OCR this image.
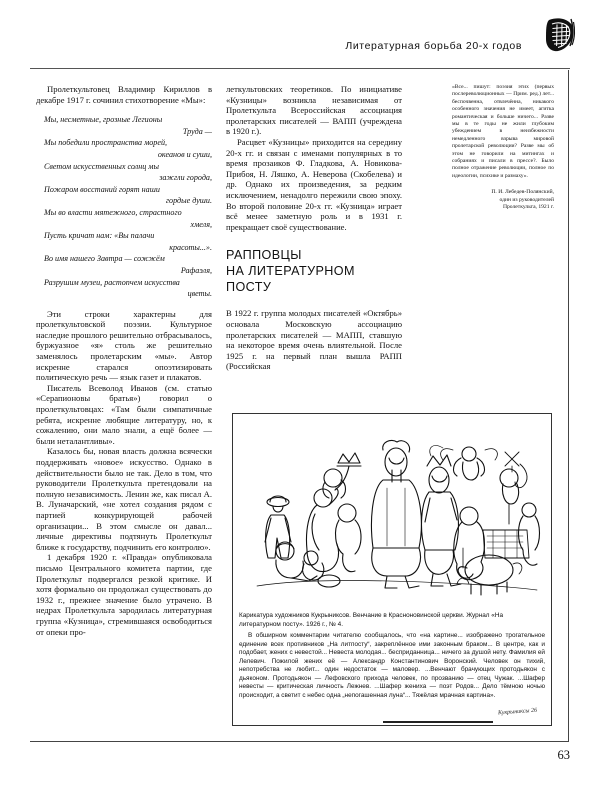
Литературная борьба 20-х годов

Пролеткультовец Владимир Кириллов в декабре 1917 г. сочинил стихотворение «Мы»:

Мы, несметные, грозные Легионы
Труда —
Мы победили пространства морей,
океанов и суши,
Светом искусственных солнц мы
зажгли города,
Пожаром восстаний горят наши
гордые души.
Мы во власти мятежного, страстного
хмеля,
Пусть кричат нам: «Вы палачи
красоты...».
Во имя нашего Завтра — сожжём
Рафаэля,
Разрушим музеи, растопчем искусства
цветы.

Эти строки характерны для пролеткультовской поэзии. Культурное наследие прошлого решительно отбрасывалось, буржуазное «я» столь же решительно заменялось пролетарским «мы». Автор искренне старался опоэтизировать политическую речь — язык газет и плакатов.

Писатель Всеволод Иванов (см. статью «Серапионовы братья») говорил о пролеткультовцах: «Там были симпатичные ребята, искренне любящие литературу, но, к сожалению, они мало знали, а ещё более — были неталантливы».

Казалось бы, новая власть должна всячески поддерживать «новое» искусство. Однако в действительности было не так. Дело в том, что руководители Пролеткульта претендовали на полную независимость. Ленин же, как писал А. В. Луначарский, «не хотел создания рядом с партией конкурирующей рабочей организации... В этом смысле он давал... личные директивы подтянуть Пролеткульт ближе к государству, подчинить его контролю».

1 декабря 1920 г. «Правда» опубликовала письмо Центрального комитета партии, где Пролеткульт подвергался резкой критике. И хотя формально он продолжал существовать до 1932 г., прежнее значение было утрачено. В недрах Пролеткульта зародилась литературная группа «Кузница», стремившаяся освободиться от опеки про-

леткультовских теоретиков. По инициативе «Кузницы» возникла независимая от Пролеткульта Всероссийская ассоциация пролетарских писателей — ВАПП (учреждена в 1920 г.).

Расцвет «Кузницы» приходится на середину 20-х гг. и связан с именами популярных в то время прозаиков Ф. Гладкова, А. Новикова-Прибоя, Н. Ляшко, А. Неверова (Скобелева) и др. Однако их произведения, за редким исключением, ненадолго пережили свою эпоху. Во второй половине 20-х гг. «Кузница» играет всё менее заметную роль и в 1931 г. прекращает своё существование.

РАППОВЦЫ
НА ЛИТЕРАТУРНОМ ПОСТУ

В 1922 г. группа молодых писателей «Октябрь» основала Московскую ассоциацию пролетарских писателей — МАПП, ставшую на некоторое время очень влиятельной. После 1925 г. на первый план вышла РАПП (Российская

«Все... пишут: поэзия этих (первых послереволюционных — Прим. ред.) лет... беспочвенна, отвлечённа, никакого особенного значения не имеет, агитка романтическая и больше ничего... Разве мы в те годы не жили глубоким убеждением в неизбежности немедленного взрыва мировой пролетарской революции? Разве мы об этом не говорили на митингах и собраниях и писали в прессе?. Было полное отражение революции, полное по идеологии, психике и размаху».

П. И. Лебедев-Полянский,
один из руководителей
Пролеткульта, 1921 г.
Кукрыниксы 26

Карикатура художников Кукрыниксов. Венчание в Красноновинской церкви. Журнал «На литературном посту». 1926 г., № 4.

В обширном комментарии читателю сообщалось, что «на картине... изображено трогательное единение всех противников „На литпосту“, закреплённое ими законным браком... В центре, как и подобает, жених с невестой... Невеста молодая... бесприданница... ничего за душой нету. Фамилия ей Лелевич. Пожилой жених её — Александр Константинович Воронский. Человек он тихий, непотребства не любит... один недостаток — маловер. ...Венчают брачующих протодьякон с дьяконом. Протодьякон — Лефовского прихода человек, по прозванию — отец Чужак. ...Шафер невесты — критическая личность Лежнев. ...Шафер жениха — поэт Родов... Дело тёмною ночью происходит, а светит с небес одна „непогашенная луна“... Тяжёлая мрачная картина».

63
